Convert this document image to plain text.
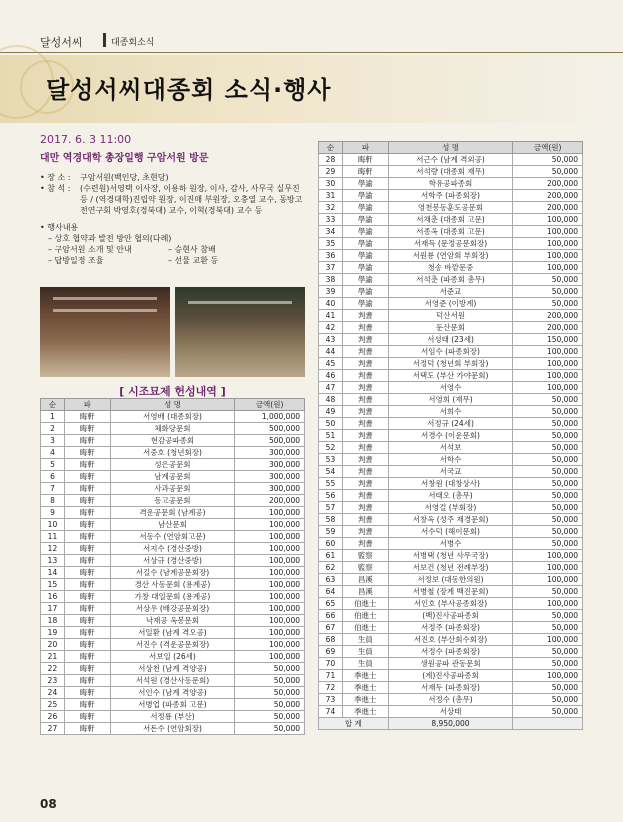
달성서씨	대종회소식
달성서씨대종회 소식·행사
2017. 6. 3 11:00
대만 역경대학 총장일행 구암서원 방문
• 장 소 :	구암서원(백인당, 초현당)
• 참 석 :	(수련원)서영택 이사장, 이용하 원장, 이사, 감사, 사무국 실무진 등 / (역경대학)진립약 원장, 이진매 부원장, 오충열 교수, 동방고전연구회 박영호(경북대) 교수, 이혁(경북대) 교수 등
• 행사내용
– 상호 협약과 발전 방안 협의(다례)
– 구암서원 소개 및 안내	– 승현사 참배
– 답방일정 조율	– 선물 교환 등
[ 시조묘제 헌성내역 ]
순	파	성 명	금액(원)
1	晦軒	서영배 (대종회장)	1,000,000
2	晦軒	체화당문회	500,000
3	晦軒	현감공파종회	500,000
4	晦軒	서중호 (청년회장)	300,000
5	晦軒	성은공문회	300,000
6	晦軒	남계공문회	300,000
7	晦軒	사과공문회	300,000
8	晦軒	동고공문회	200,000
9	晦軒	격운공문회 (남계공)	100,000
10	晦軒	남산문회	100,000
11	晦軒	서동수 (연암회고문)	100,000
12	晦軒	서지수 (경산중방)	100,000
13	晦軒	서상규 (경산중방)	100,000
14	晦軒	서길수 (남계공문회장)	100,000
15	晦軒	경산 사동문회 (용계공)	100,000
16	晦軒	가창 대일문회 (용계공)	100,000
17	晦軒	서상우 (배강공문회장)	100,000
18	晦軒	낙재공 옥봉문회	100,000
19	晦軒	서일환 (남계 격오공)	100,000
20	晦軒	서진수 (격운공문회장)	100,000
21	晦軒	서보일 (26세)	100,000
22	晦軒	서상천 (남계 격양공)	50,000
23	晦軒	서석원 (경산사동문회)	50,000
24	晦軒	서인수 (남계 격양공)	50,000
25	晦軒	서병업 (파종회 고문)	50,000
26	晦軒	서정룡 (부산)	50,000
27	晦軒	서돈수 (연암회장)	50,000
순	파	성 명	금액(원)
28	晦軒	서근수 (남계 격외공)	50,000
29	晦軒	서석량 (대종회 재무)	50,000
30	學諭	학유공파종회	200,000
31	學諭	서학주 (파종회장)	200,000
32	學諭	영천봉동훈도공문회	200,000
33	學諭	서채춘 (대종회 고문)	100,000
34	學諭	서종옥 (대종회 고문)	100,000
35	學諭	서재득 (문정공문회장)	100,000
36	學諭	서원룡 (연암회 부회장)	100,000
37	學諭	청송 바깥문중	100,000
38	學諭	서석춘 (파종회 총무)	50,000
39	學諭	서준교	50,000
40	學諭	서영준 (이방계)	50,000
41	判書	덕산서원	200,000
42	判書	둔산문회	200,000
43	判書	서성태 (23세)	150,000
44	判書	서임수 (파종회장)	100,000
45	判書	서정덕 (청년회 부회장)	100,000
46	判書	서택도 (부산 가야문회)	100,000
47	判書	서영수	100,000
48	判書	서영희 (재무)	50,000
49	判書	서희수	50,000
50	判書	서정규 (24세)	50,000
51	判書	서경수 (이운문회)	50,000
52	判書	서석보	50,000
53	判書	서학수	50,000
54	判書	서국교	50,000
55	判書	서창원 (대창상사)	50,000
56	判書	서태오 (총무)	50,000
57	判書	서영걸 (부회장)	50,000
58	判書	서창옥 (성주 재경문회)	50,000
59	判書	서수덕 (해이문회)	50,000
60	判書	서병수	50,000
61	監察	서병택 (청년 사무국장)	100,000
62	監察	서보건 (청년 전례부장)	100,000
63	昌溪	서정보 (대동한의원)	100,000
64	昌溪	서병철 (장계 백진문회)	50,000
65	伯進士	서인호 (부사공종회장)	100,000
66	伯進士	(백)진사공파종회	50,000
67	伯進士	서정주 (파종회장)	50,000
68	生員	서진호 (부산회수회장)	100,000
69	生員	서정수 (파종회장)	50,000
70	生員	생원공파 관동문회	50,000
71	季進士	(계)진사공파종회	100,000
72	季進士	서재두 (파종회장)	50,000
73	季進士	서정수 (총무)	50,000
74	季進士	서상태	50,000
합 계		8,950,000	
08
